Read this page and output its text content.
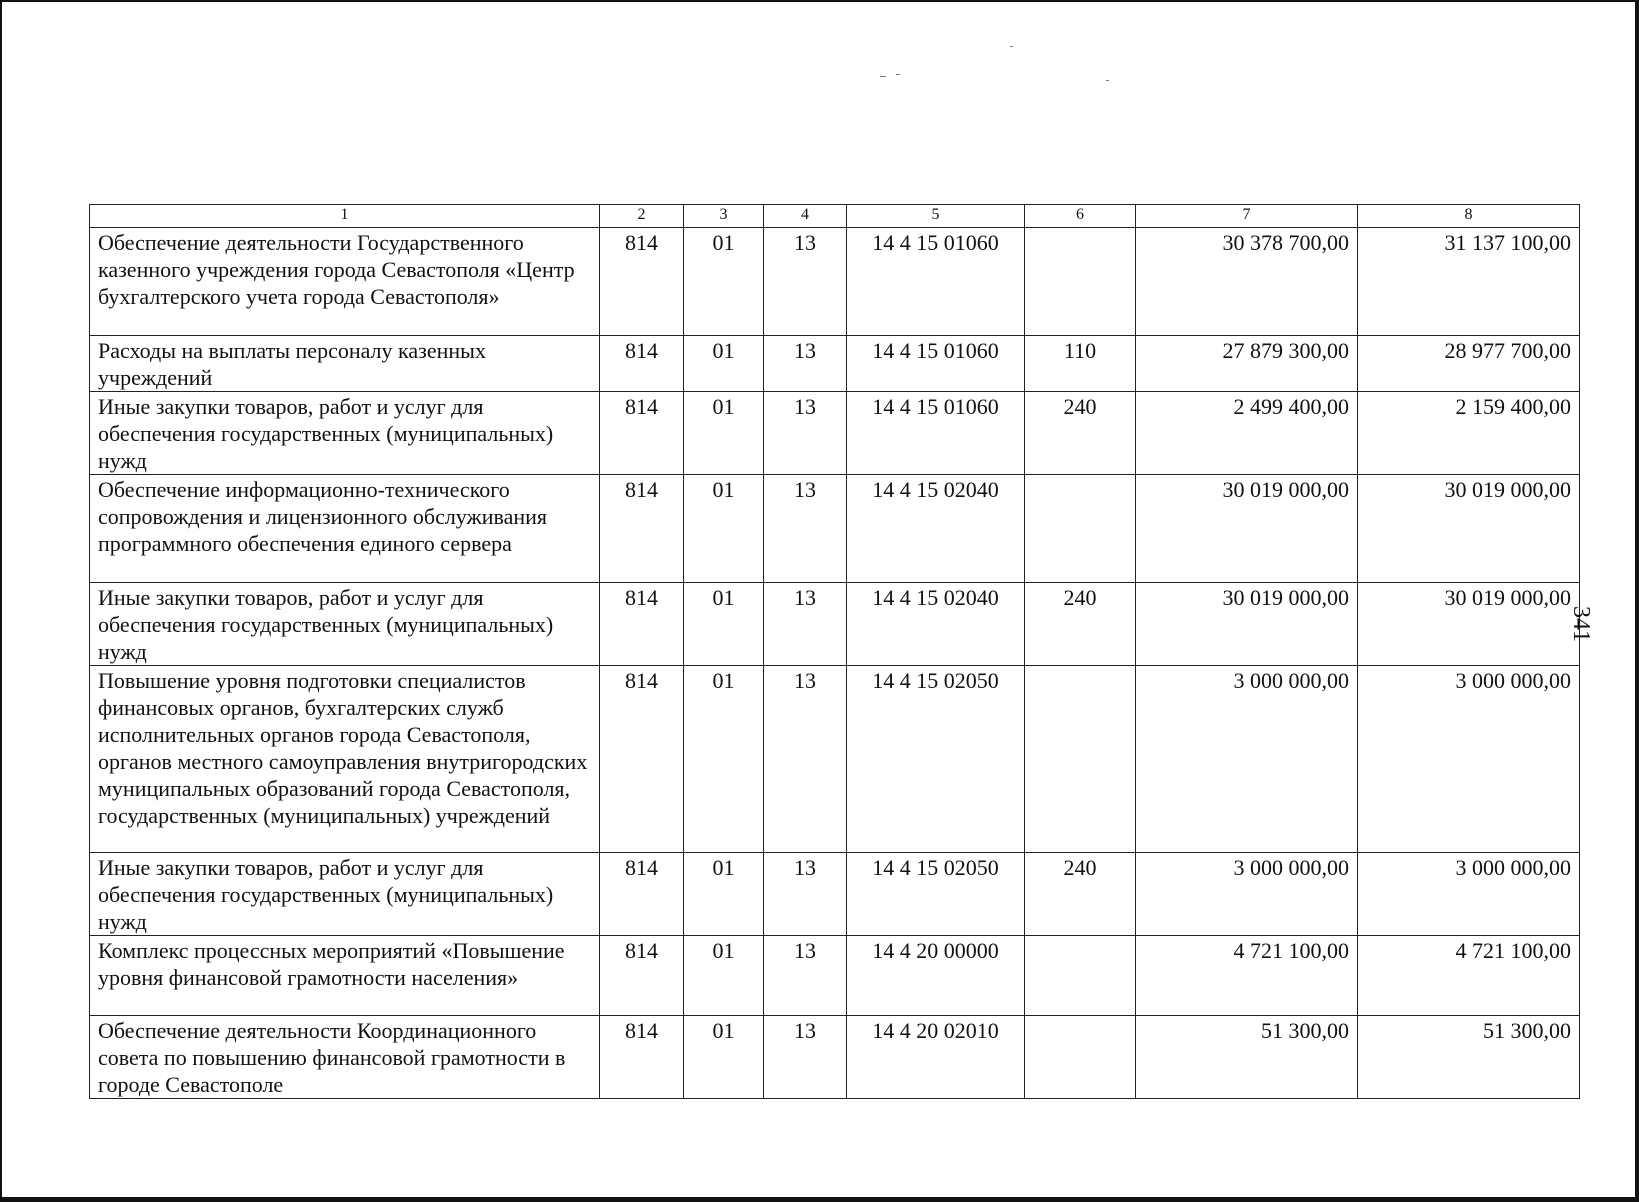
1	2	3	4	5	6	7	8
Обеспечение деятельности Государственного казенного учреждения города Севастополя «Центр бухгалтерского учета города Севастополя»	814	01	13	14 4 15 01060		30 378 700,00	31 137 100,00
Расходы на выплаты персоналу казенных учреждений	814	01	13	14 4 15 01060	110	27 879 300,00	28 977 700,00
Иные закупки товаров, работ и услуг для обеспечения государственных (муниципальных) нужд	814	01	13	14 4 15 01060	240	2 499 400,00	2 159 400,00
Обеспечение информационно-технического сопровождения и лицензионного обслуживания программного обеспечения единого сервера	814	01	13	14 4 15 02040		30 019 000,00	30 019 000,00
Иные закупки товаров, работ и услуг для обеспечения государственных (муниципальных) нужд	814	01	13	14 4 15 02040	240	30 019 000,00	30 019 000,00
Повышение уровня подготовки специалистов финансовых органов, бухгалтерских служб исполнительных органов города Севастополя, органов местного самоуправления внутригородских муниципальных образований города Севастополя, государственных (муниципальных) учреждений	814	01	13	14 4 15 02050		3 000 000,00	3 000 000,00
Иные закупки товаров, работ и услуг для обеспечения государственных (муниципальных) нужд	814	01	13	14 4 15 02050	240	3 000 000,00	3 000 000,00
Комплекс процессных мероприятий «Повышение уровня финансовой грамотности населения»	814	01	13	14 4 20 00000		4 721 100,00	4 721 100,00
Обеспечение деятельности Координационного совета по повышению финансовой грамотности в городе Севастополе	814	01	13	14 4 20 02010		51 300,00	51 300,00
341
